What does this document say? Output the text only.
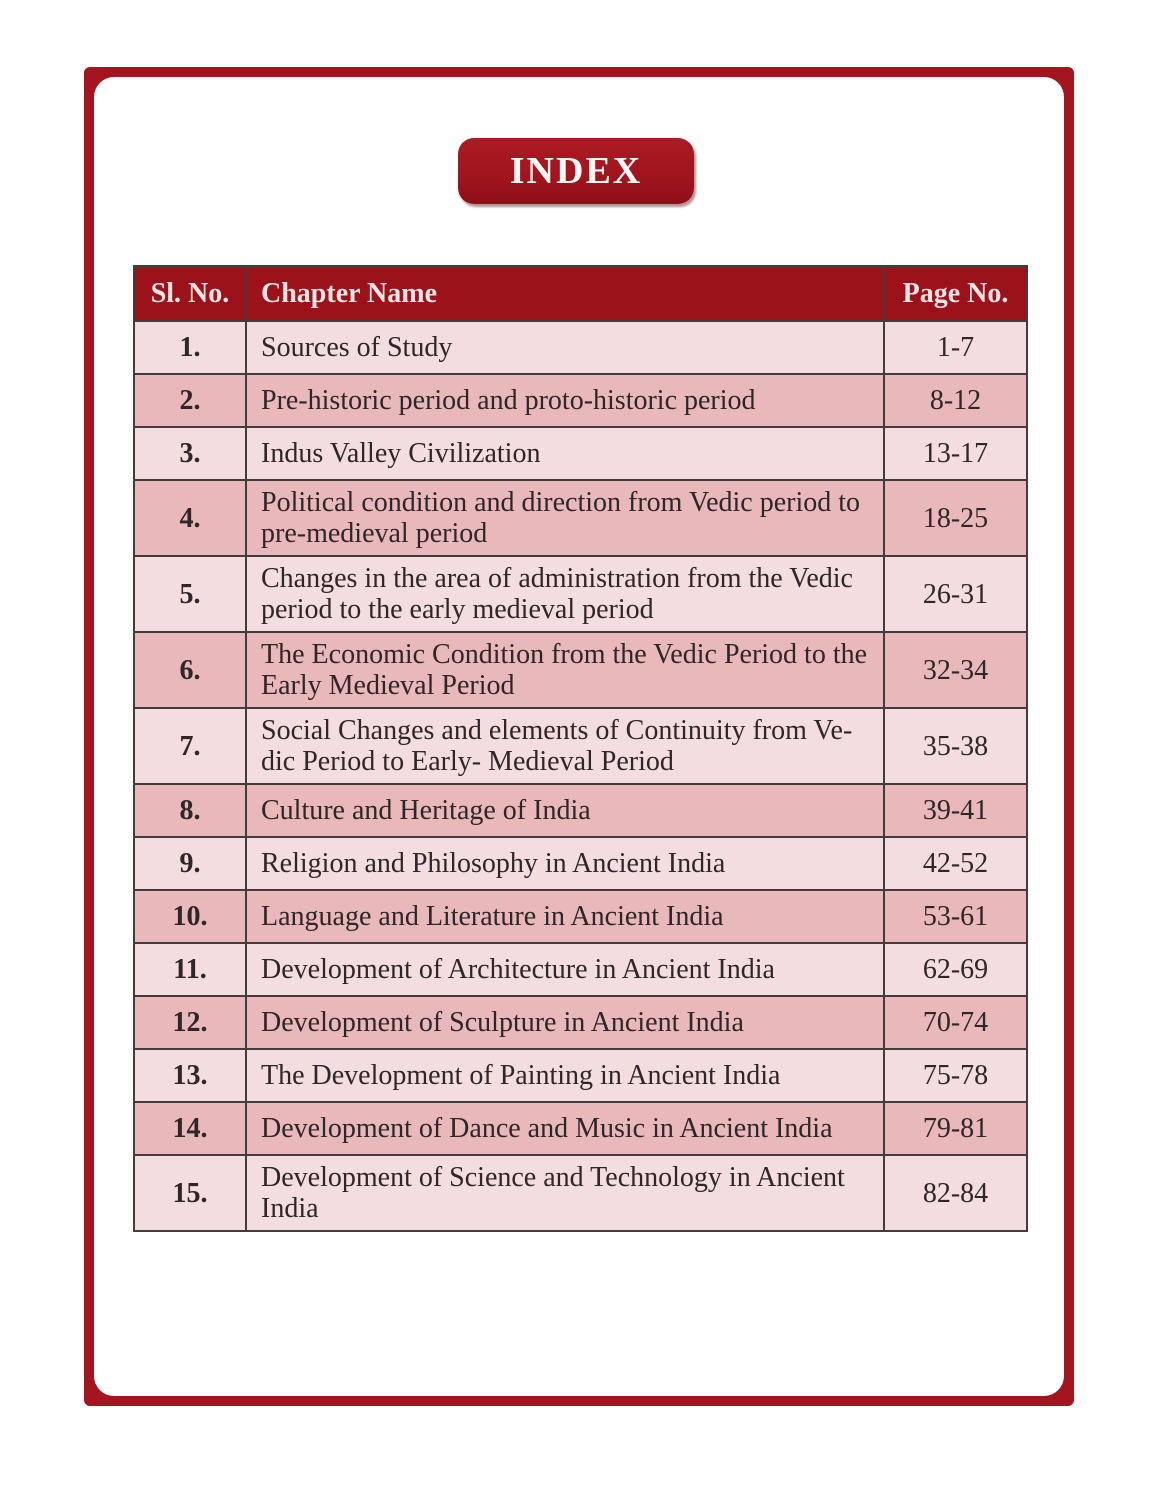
INDEX
Sl. No.	Chapter Name	Page No.
1.	Sources of Study	1-7
2.	Pre-historic period and proto-historic period	8-12
3.	Indus Valley Civilization	13-17
4.	Political condition and direction from Vedic period to pre-medieval period	18-25
5.	Changes in the area of administration from the Vedic period to the early medieval period	26-31
6.	The Economic Condition from the Vedic Period to the Early Medieval Period	32-34
7.	Social Changes and elements of Continuity from Ve- dic Period to Early- Medieval Period	35-38
8.	Culture and Heritage of India	39-41
9.	Religion and Philosophy in Ancient India	42-52
10.	Language and Literature in Ancient India	53-61
11.	Development of Architecture in Ancient India	62-69
12.	Development of Sculpture in Ancient India	70-74
13.	The Development of Painting in Ancient India	75-78
14.	Development of Dance and Music in Ancient India	79-81
15.	Development of Science and Technology in Ancient India	82-84
